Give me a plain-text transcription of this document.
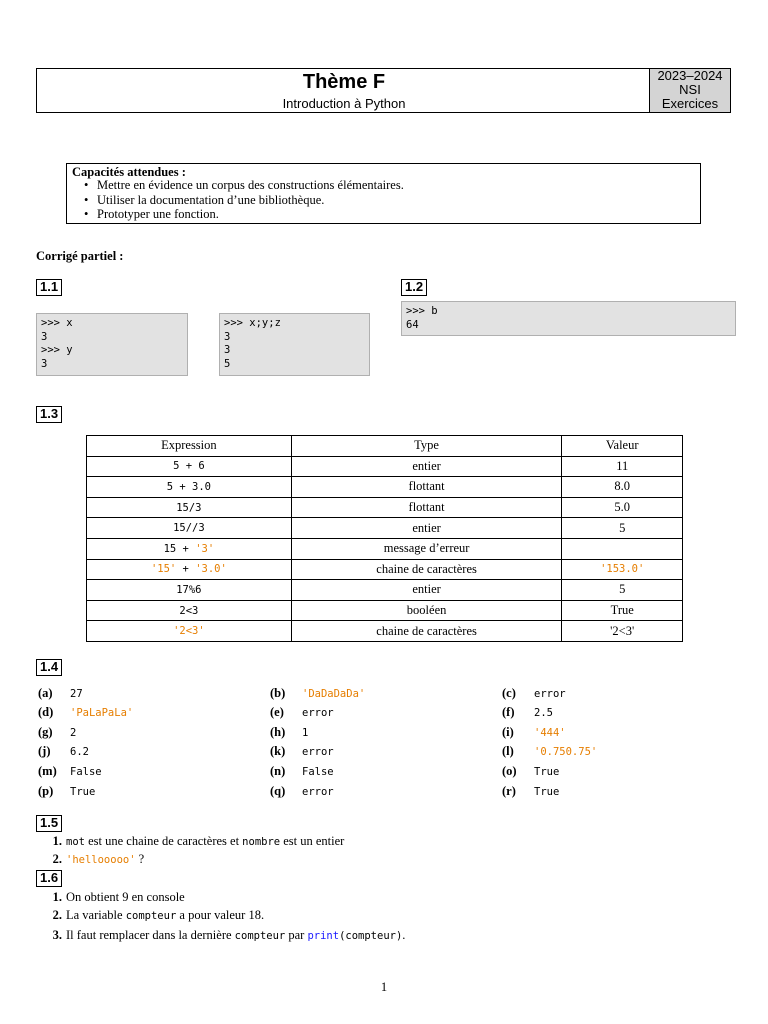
Thème F
Introduction à Python
2023–2024
NSI
Exercices
Capacités attendues :
• Mettre en évidence un corpus des constructions élémentaires.
• Utiliser la documentation d’une bibliothèque.
• Prototyper une fonction.
Corrigé partiel :
1.1
>>> x
3
>>> y
3
>>> x;y;z
3
3
5
1.2
>>> b
64
1.3
Expression	Type	Valeur
5 + 6	entier	11
5 + 3.0	flottant	8.0
15/3	flottant	5.0
15//3	entier	5
15 + '3'	message d’erreur	
'15' + '3.0'	chaine de caractères	'153.0'
17%6	entier	5
2<3	booléen	True
'2<3'	chaine de caractères	'2<3'
1.4
(a) 27	(b) 'DaDaDaDa'	(c) error
(d) 'PaLaPaLa'	(e) error	(f) 2.5
(g) 2	(h) 1	(i) '444'
(j) 6.2	(k) error	(l) '0.750.75'
(m) False	(n) False	(o) True
(p) True	(q) error	(r) True
1.5
1. mot est une chaine de caractères et nombre est un entier
2. 'hellooooo' ?
1.6
1. On obtient 9 en console
2. La variable compteur a pour valeur 18.
3. Il faut remplacer dans la dernière compteur par print(compteur).
1
